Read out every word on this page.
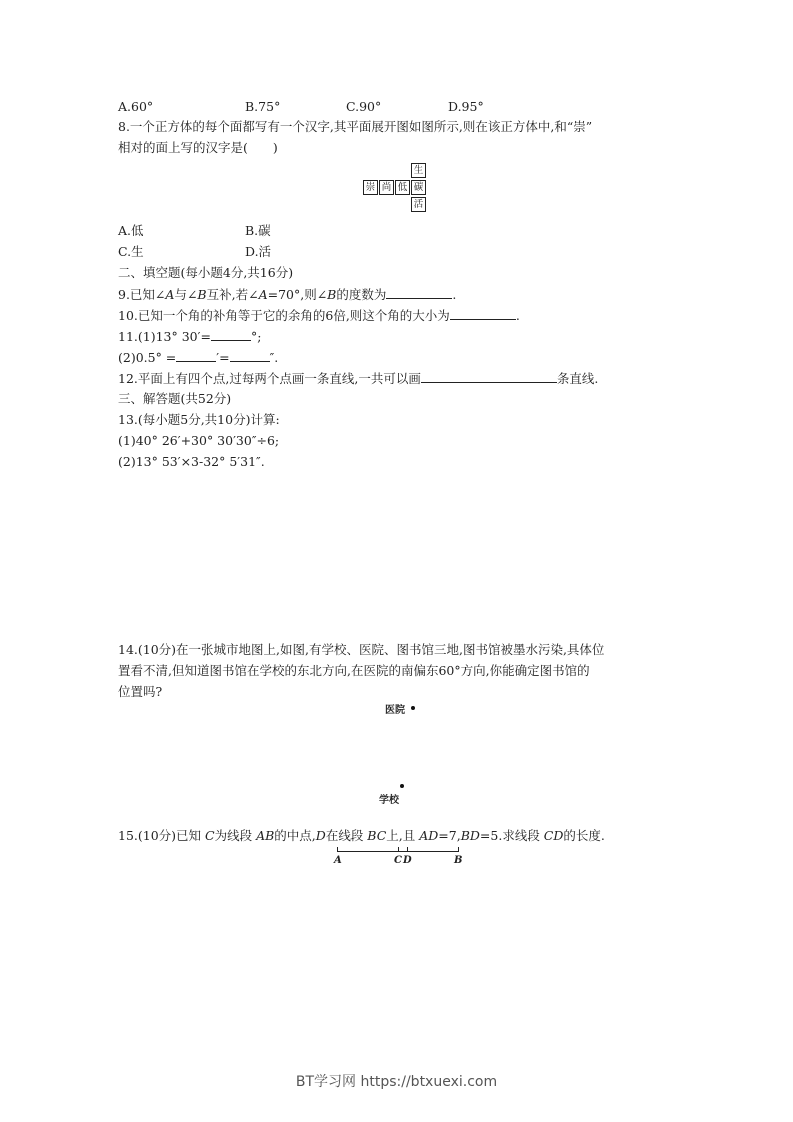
A.60°	B.75°	C.90°	D.95°
8.一个正方体的每个面都写有一个汉字,其平面展开图如图所示,则在该正方体中,和“崇”
相对的面上写的汉字是(　　)
生
崇 尚 低 碳
活
A.低	B.碳
C.生	D.活
二、填空题(每小题4分,共16分)
9.已知∠A与∠B互补,若∠A=70°,则∠B的度数为	.
10.已知一个角的补角等于它的余角的6倍,则这个角的大小为	.
11.(1)13° 30′=	°;
(2)0.5° =	′=	″.
12.平面上有四个点,过每两个点画一条直线,一共可以画	条直线.
三、解答题(共52分)
13.(每小题5分,共10分)计算:
(1)40° 26′+30° 30′30″÷6;
(2)13° 53′×3-32° 5′31″.
14.(10分)在一张城市地图上,如图,有学校、医院、图书馆三地,图书馆被墨水污染,具体位
置看不清,但知道图书馆在学校的东北方向,在医院的南偏东60°方向,你能确定图书馆的
位置吗?
医院
学校
15.(10分)已知 C为线段 AB的中点,D在线段 BC上,且 AD=7,BD=5.求线段 CD的长度.
A	C D	B
BT学习网 https://btxuexi.com
